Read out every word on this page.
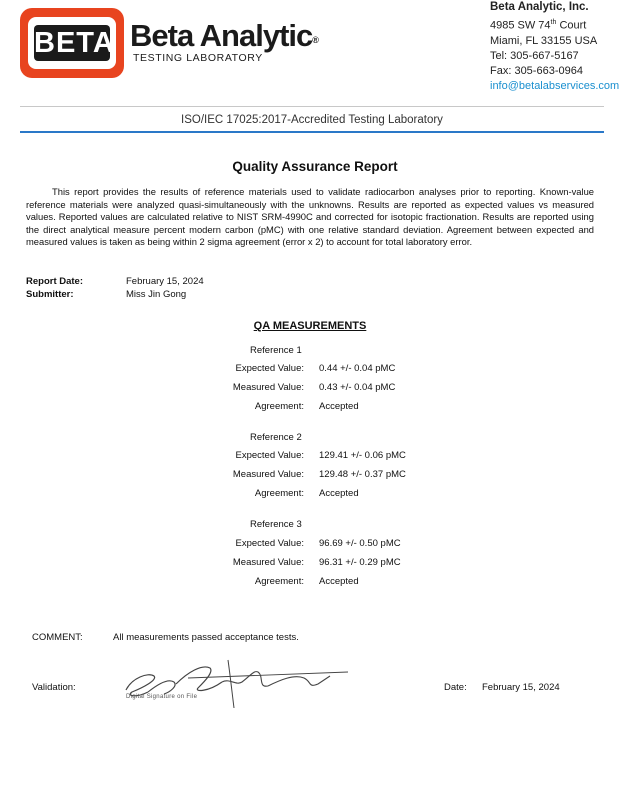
BETA Beta Analytic®
TESTING LABORATORY
Beta Analytic, Inc.
4985 SW 74th Court
Miami, FL 33155 USA
Tel: 305-667-5167
Fax: 305-663-0964
info@betalabservices.com
ISO/IEC 17025:2017-Accredited Testing Laboratory
Quality Assurance Report
This report provides the results of reference materials used to validate radiocarbon analyses prior to reporting. Known-value reference materials were analyzed quasi-simultaneously with the unknowns. Results are reported as expected values vs measured values. Reported values are calculated relative to NIST SRM-4990C and corrected for isotopic fractionation. Results are reported using the direct analytical measure percent modern carbon (pMC) with one relative standard deviation. Agreement between expected and measured values is taken as being within 2 sigma agreement (error x 2) to account for total laboratory error.
Report Date:	February 15, 2024
Submitter:	Miss Jin Gong
QA MEASUREMENTS
Reference 1
Expected Value: 0.44 +/- 0.04 pMC
Measured Value: 0.43 +/- 0.04 pMC
Agreement: Accepted
Reference 2
Expected Value: 129.41 +/- 0.06 pMC
Measured Value: 129.48 +/- 0.37 pMC
Agreement: Accepted
Reference 3
Expected Value: 96.69 +/- 0.50 pMC
Measured Value: 96.31 +/- 0.29 pMC
Agreement: Accepted
COMMENT:	All measurements passed acceptance tests.
Validation:
Digital Signature on File
Date: February 15, 2024
